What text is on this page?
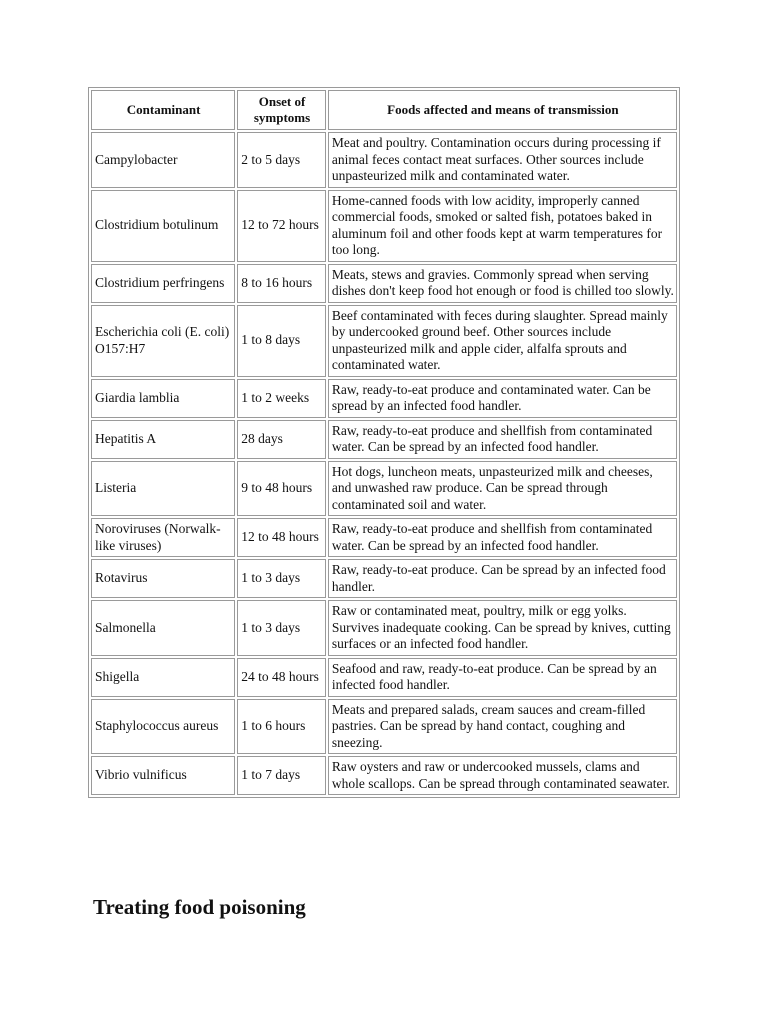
Contaminant	Onset of symptoms	Foods affected and means of transmission
Campylobacter	2 to 5 days	Meat and poultry. Contamination occurs during processing if animal feces contact meat surfaces. Other sources include unpasteurized milk and contaminated water.
Clostridium botulinum	12 to 72 hours	Home-canned foods with low acidity, improperly canned commercial foods, smoked or salted fish, potatoes baked in aluminum foil and other foods kept at warm temperatures for too long.
Clostridium perfringens	8 to 16 hours	Meats, stews and gravies. Commonly spread when serving dishes don't keep food hot enough or food is chilled too slowly.
Escherichia coli (E. coli) O157:H7	1 to 8 days	Beef contaminated with feces during slaughter. Spread mainly by undercooked ground beef. Other sources include unpasteurized milk and apple cider, alfalfa sprouts and contaminated water.
Giardia lamblia	1 to 2 weeks	Raw, ready-to-eat produce and contaminated water. Can be spread by an infected food handler.
Hepatitis A	28 days	Raw, ready-to-eat produce and shellfish from contaminated water. Can be spread by an infected food handler.
Listeria	9 to 48 hours	Hot dogs, luncheon meats, unpasteurized milk and cheeses, and unwashed raw produce. Can be spread through contaminated soil and water.
Noroviruses (Norwalk-like viruses)	12 to 48 hours	Raw, ready-to-eat produce and shellfish from contaminated water. Can be spread by an infected food handler.
Rotavirus	1 to 3 days	Raw, ready-to-eat produce. Can be spread by an infected food handler.
Salmonella	1 to 3 days	Raw or contaminated meat, poultry, milk or egg yolks. Survives inadequate cooking. Can be spread by knives, cutting surfaces or an infected food handler.
Shigella	24 to 48 hours	Seafood and raw, ready-to-eat produce. Can be spread by an infected food handler.
Staphylococcus aureus	1 to 6 hours	Meats and prepared salads, cream sauces and cream-filled pastries. Can be spread by hand contact, coughing and sneezing.
Vibrio vulnificus	1 to 7 days	Raw oysters and raw or undercooked mussels, clams and whole scallops. Can be spread through contaminated seawater.
Treating food poisoning
